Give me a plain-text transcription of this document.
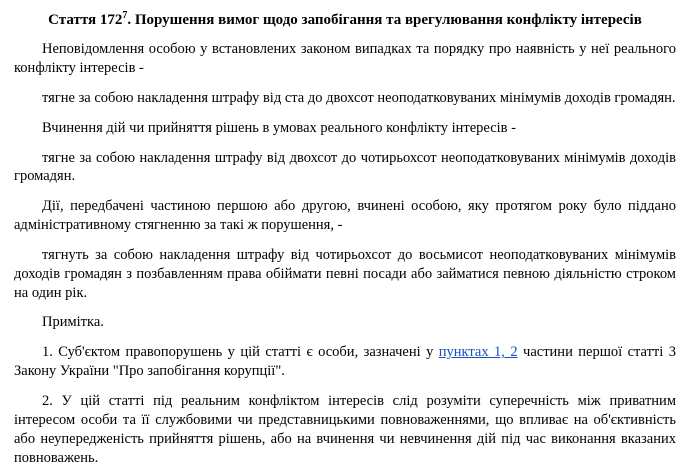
Стаття $172^7$. Порушення вимог щодо запобігання та врегулювання конфлікту інтересів

Неповідомлення особою у встановлених законом випадках та порядку про наявність у неї реального конфлікту інтересів -

тягне за собою накладення штрафу від ста до двохсот неоподатковуваних мінімумів доходів громадян.

Вчинення дій чи прийняття рішень в умовах реального конфлікту інтересів -

тягне за собою накладення штрафу від двохсот до чотирьохсот неоподатковуваних мінімумів доходів громадян.

Дії, передбачені частиною першою або другою, вчинені особою, яку протягом року було піддано адміністративному стягненню за такі ж порушення, -

тягнуть за собою накладення штрафу від чотирьохсот до восьмисот неоподатковуваних мінімумів доходів громадян з позбавленням права обіймати певні посади або займатися певною діяльністю строком на один рік.

Примітка.

1. Суб'єктом правопорушень у цій статті є особи, зазначені у пунктах 1, 2 частини першої статті 3 Закону України "Про запобігання корупції".

2. У цій статті під реальним конфліктом інтересів слід розуміти суперечність між приватним інтересом особи та її службовими чи представницькими повноваженнями, що впливає на об'єктивність або неупередженість прийняття рішень, або на вчинення чи невчинення дій під час виконання вказаних повноважень.
